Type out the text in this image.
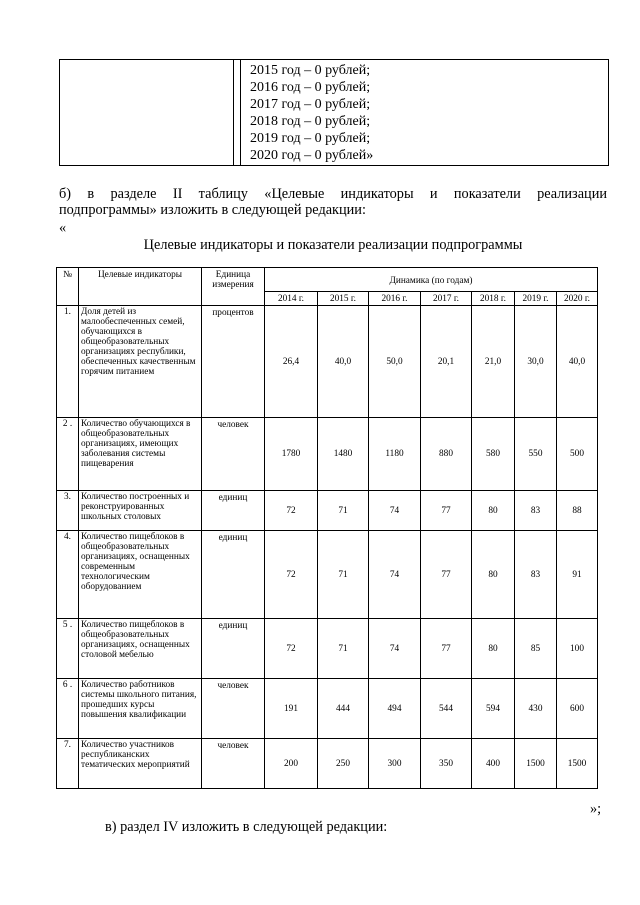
2015 год – 0 рублей;
2016 год – 0 рублей;
2017 год – 0 рублей;
2018 год – 0 рублей;
2019 год – 0 рублей;
2020 год – 0 рублей»
б) в разделе II таблицу «Целевые индикаторы и показатели реализации
подпрограммы» изложить в следующей редакции:
«
Целевые индикаторы и показатели реализации подпрограммы
№	Целевые индикаторы	Единица измерения	Динамика (по годам)						
			2014 г.	2015 г.	2016 г.	2017 г.	2018 г.	2019 г.	2020 г.
1.	Доля детей из малообеспеченных семей, обучающихся в общеобразовательных организациях республики, обеспеченных качественным горячим питанием	процентов	26,4	40,0	50,0	20,1	21,0	30,0	40,0
2 .	Количество обучающихся в общеобразовательных организациях, имеющих заболевания системы пищеварения	человек	1780	1480	1180	880	580	550	500
3.	Количество построенных и реконструированных школьных столовых	единиц	72	71	74	77	80	83	88
4.	Количество пищеблоков в общеобразовательных организациях, оснащенных современным технологическим оборудованием	единиц	72	71	74	77	80	83	91
5 .	Количество пищеблоков в общеобразовательных организациях, оснащенных столовой мебелью	единиц	72	71	74	77	80	85	100
6 .	Количество работников системы школьного питания, прошедших курсы повышения квалификации	человек	191	444	494	544	594	430	600
7.	Количество участников республиканских тематических мероприятий	человек	200	250	300	350	400	1500	1500
»;
в) раздел IV изложить в следующей редакции:
